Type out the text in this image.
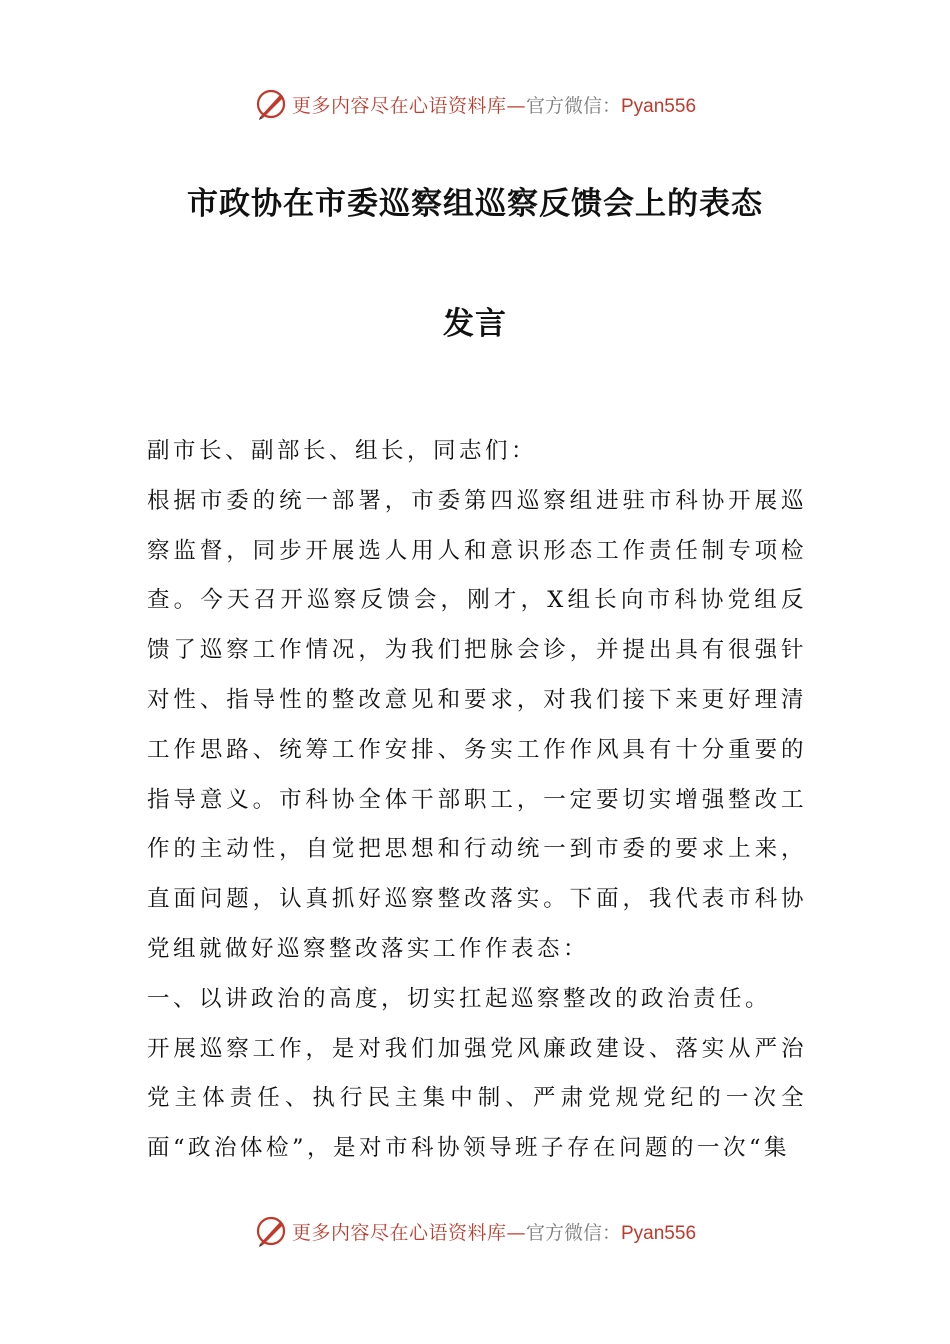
更多内容尽在心语资料库—官方微信：Pyan556
市政协在市委巡察组巡察反馈会上的表态
发言

副市长、副部长、组长，同志们：

根据市委的统一部署，市委第四巡察组进驻市科协开展巡察监督，同步开展选人用人和意识形态工作责任制专项检查。今天召开巡察反馈会，刚才，X组长向市科协党组反馈了巡察工作情况，为我们把脉会诊，并提出具有很强针对性、指导性的整改意见和要求，对我们接下来更好理清工作思路、统筹工作安排、务实工作作风具有十分重要的指导意义。市科协全体干部职工，一定要切实增强整改工作的主动性，自觉把思想和行动统一到市委的要求上来，直面问题，认真抓好巡察整改落实。下面，我代表市科协党组就做好巡察整改落实工作作表态：

一、以讲政治的高度，切实扛起巡察整改的政治责任。

开展巡察工作，是对我们加强党风廉政建设、落实从严治党主体责任、执行民主集中制、严肃党规党纪的一次全面“政治体检”，是对市科协领导班子存在问题的一次“集

更多内容尽在心语资料库—官方微信：Pyan556
